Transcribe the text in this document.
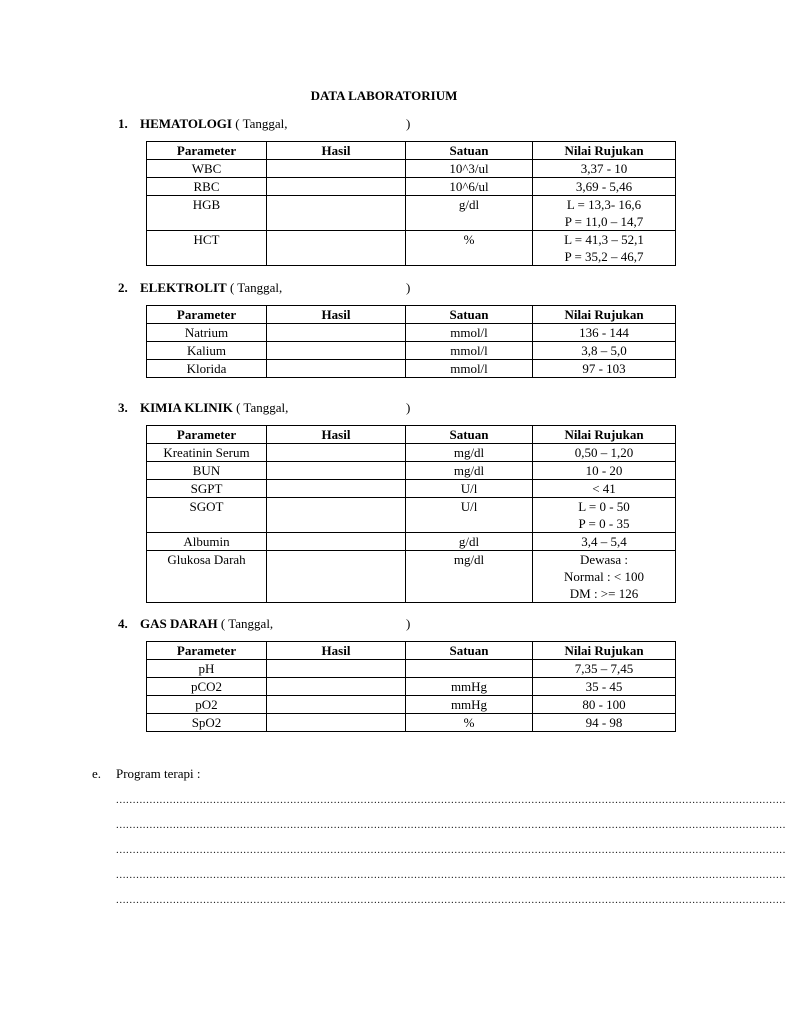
DATA LABORATORIUM
1. HEMATOLOGI ( Tanggal,	)
2. ELEKTROLIT ( Tanggal,	)
3. KIMIA KLINIK ( Tanggal,	)
4. GAS DARAH ( Tanggal,	)
Parameter	Hasil	Satuan	Nilai Rujukan
WBC		10^3/ul	3,37 - 10

RBC		10^6/ul	3,69 - 5,46

HGB		g/dl	L = 13,3- 16,6
P = 11,0 – 14,7

HCT		%	L = 41,3 – 52,1
P = 35,2 – 46,7
Parameter	Hasil	Satuan	Nilai Rujukan
Natrium		mmol/l	136 - 144

Kalium		mmol/l	3,8 – 5,0

Klorida		mmol/l	97 - 103
Parameter	Hasil	Satuan	Nilai Rujukan
Kreatinin Serum		mg/dl	0,50 – 1,20

BUN		mg/dl	10 - 20

SGPT		U/l	< 41

SGOT		U/l	L = 0 - 50
P = 0 - 35

Albumin		g/dl	3,4 – 5,4

Glukosa Darah		mg/dl	Dewasa :
Normal : < 100
DM : >= 126
Parameter	Hasil	Satuan	Nilai Rujukan
pH			7,35 – 7,45

pCO2		mmHg	35 - 45

pO2		mmHg	80 - 100

SpO2		%	94 - 98
e. Program terapi :
........................................................................................................................................................................................................
........................................................................................................................................................................................................
........................................................................................................................................................................................................
........................................................................................................................................................................................................
........................................................................................................................................................................................................
